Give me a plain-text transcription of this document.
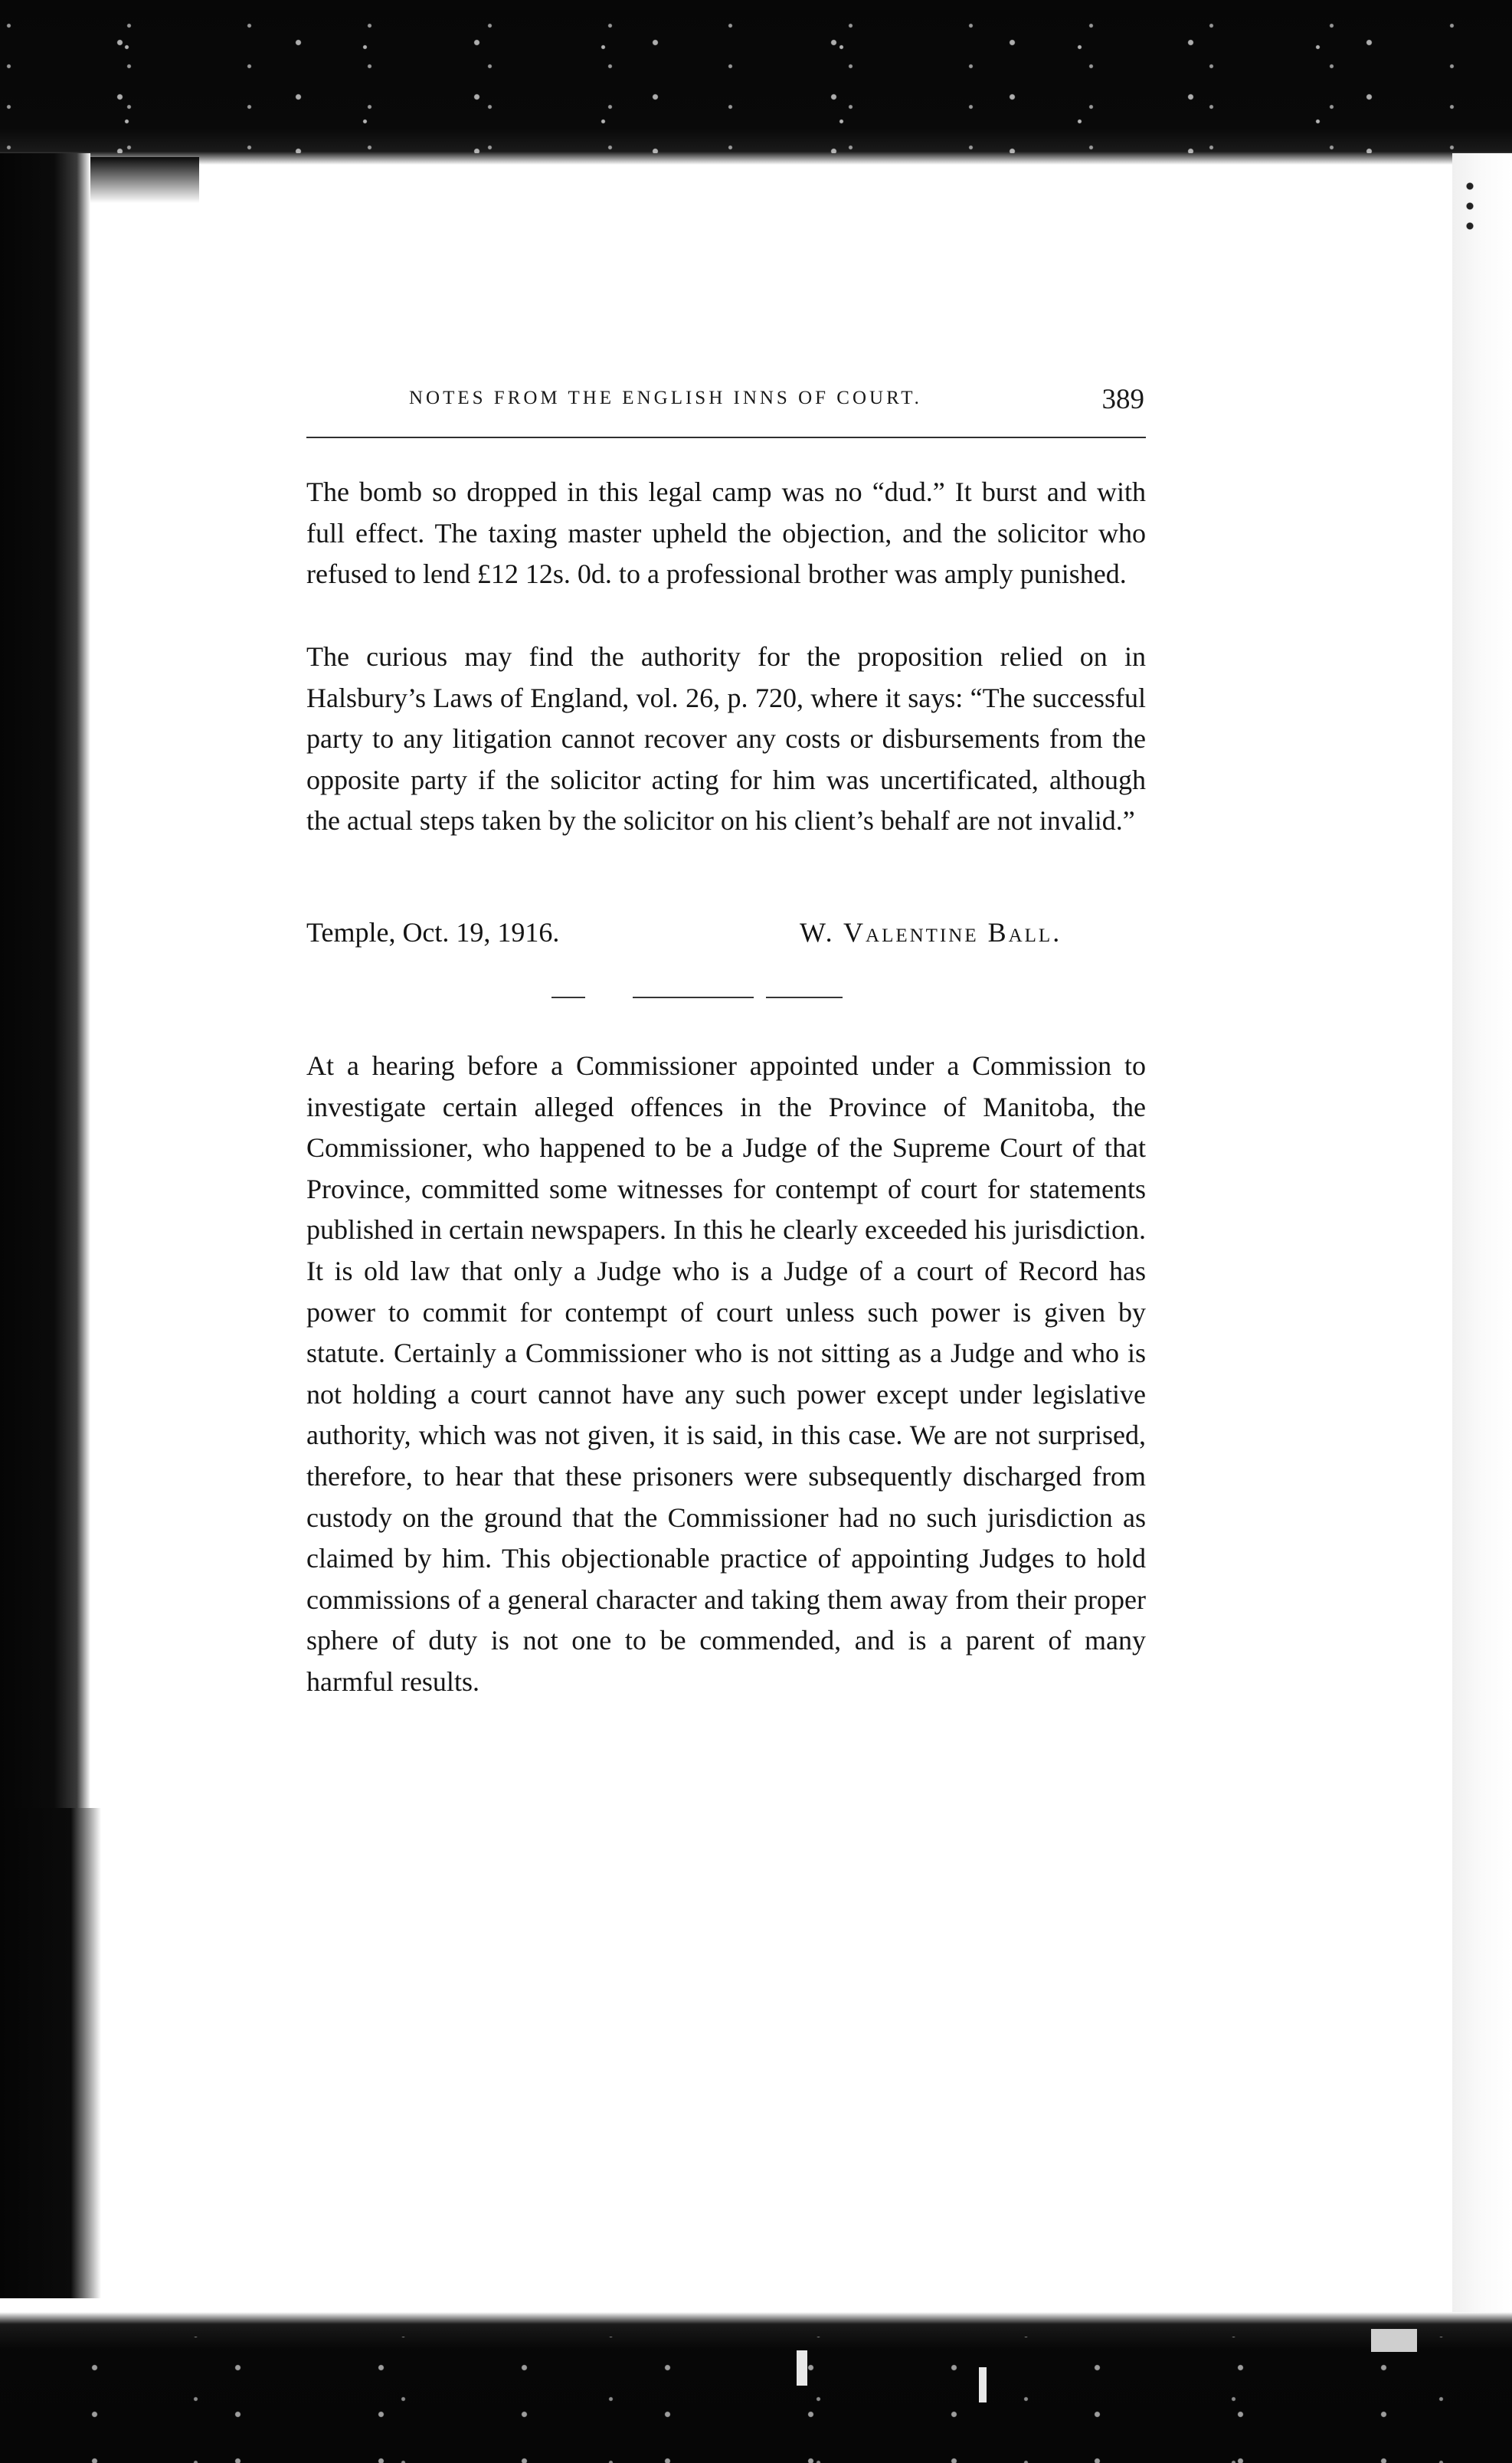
NOTES FROM THE ENGLISH INNS OF COURT.	389

The bomb so dropped in this legal camp was no “dud.” It burst and with full effect. The taxing master upheld the objection, and the solicitor who refused to lend £12 12s. 0d. to a professional brother was amply punished.

The curious may find the authority for the proposition relied on in Halsbury’s Laws of England, vol. 26, p. 720, where it says: “The successful party to any litigation cannot recover any costs or disbursements from the opposite party if the solicitor acting for him was uncertificated, although the actual steps taken by the solicitor on his client’s behalf are not invalid.”

Temple, Oct. 19, 1916.	W. Valentine Ball.

At a hearing before a Commissioner appointed under a Commission to investigate certain alleged offences in the Province of Manitoba, the Commissioner, who happened to be a Judge of the Supreme Court of that Province, committed some witnesses for contempt of court for statements published in certain newspapers. In this he clearly exceeded his jurisdiction. It is old law that only a Judge who is a Judge of a court of Record has power to commit for contempt of court unless such power is given by statute. Certainly a Commissioner who is not sitting as a Judge and who is not holding a court cannot have any such power except under legislative authority, which was not given, it is said, in this case. We are not surprised, therefore, to hear that these prisoners were subsequently discharged from custody on the ground that the Commissioner had no such jurisdiction as claimed by him. This objectionable practice of appointing Judges to hold commissions of a general character and taking them away from their proper sphere of duty is not one to be commended, and is a parent of many harmful results.
